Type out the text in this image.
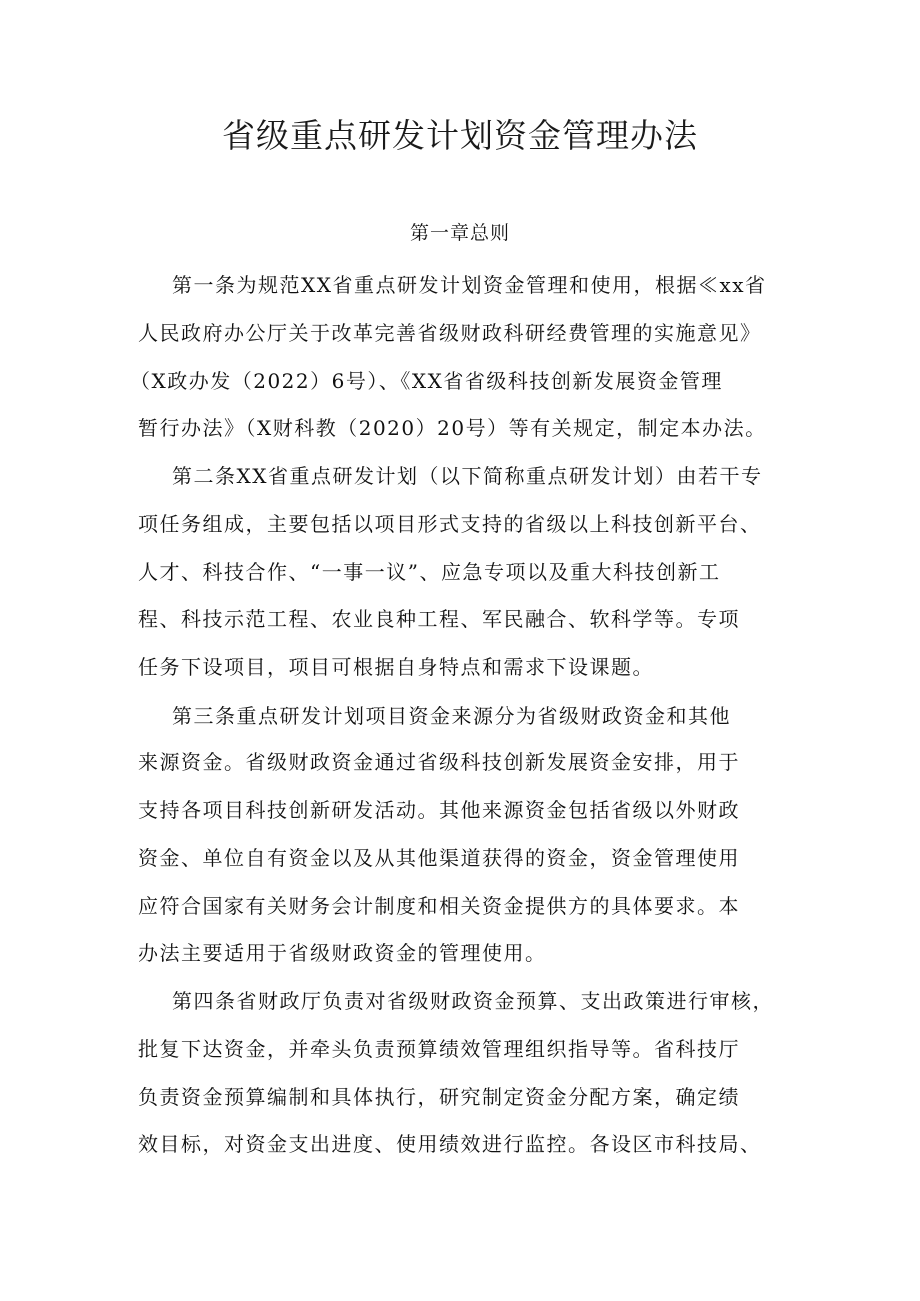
省级重点研发计划资金管理办法
第一章总则
第一条为规范XX省重点研发计划资金管理和使用，根据≪xx省
人民政府办公厅关于改革完善省级财政科研经费管理的实施意见》
（X政办发（2022）6号）、《XX省省级科技创新发展资金管理
暂行办法》（X财科教（2020）20号）等有关规定，制定本办法。
第二条XX省重点研发计划（以下简称重点研发计划）由若干专
项任务组成，主要包括以项目形式支持的省级以上科技创新平台、
人才、科技合作、“一事一议”、应急专项以及重大科技创新工
程、科技示范工程、农业良种工程、军民融合、软科学等。专项
任务下设项目，项目可根据自身特点和需求下设课题。
第三条重点研发计划项目资金来源分为省级财政资金和其他
来源资金。省级财政资金通过省级科技创新发展资金安排，用于
支持各项目科技创新研发活动。其他来源资金包括省级以外财政
资金、单位自有资金以及从其他渠道获得的资金，资金管理使用
应符合国家有关财务会计制度和相关资金提供方的具体要求。本
办法主要适用于省级财政资金的管理使用。
第四条省财政厅负责对省级财政资金预算、支出政策进行审核，
批复下达资金，并牵头负责预算绩效管理组织指导等。省科技厅
负责资金预算编制和具体执行，研究制定资金分配方案，确定绩
效目标，对资金支出进度、使用绩效进行监控。各设区市科技局、
